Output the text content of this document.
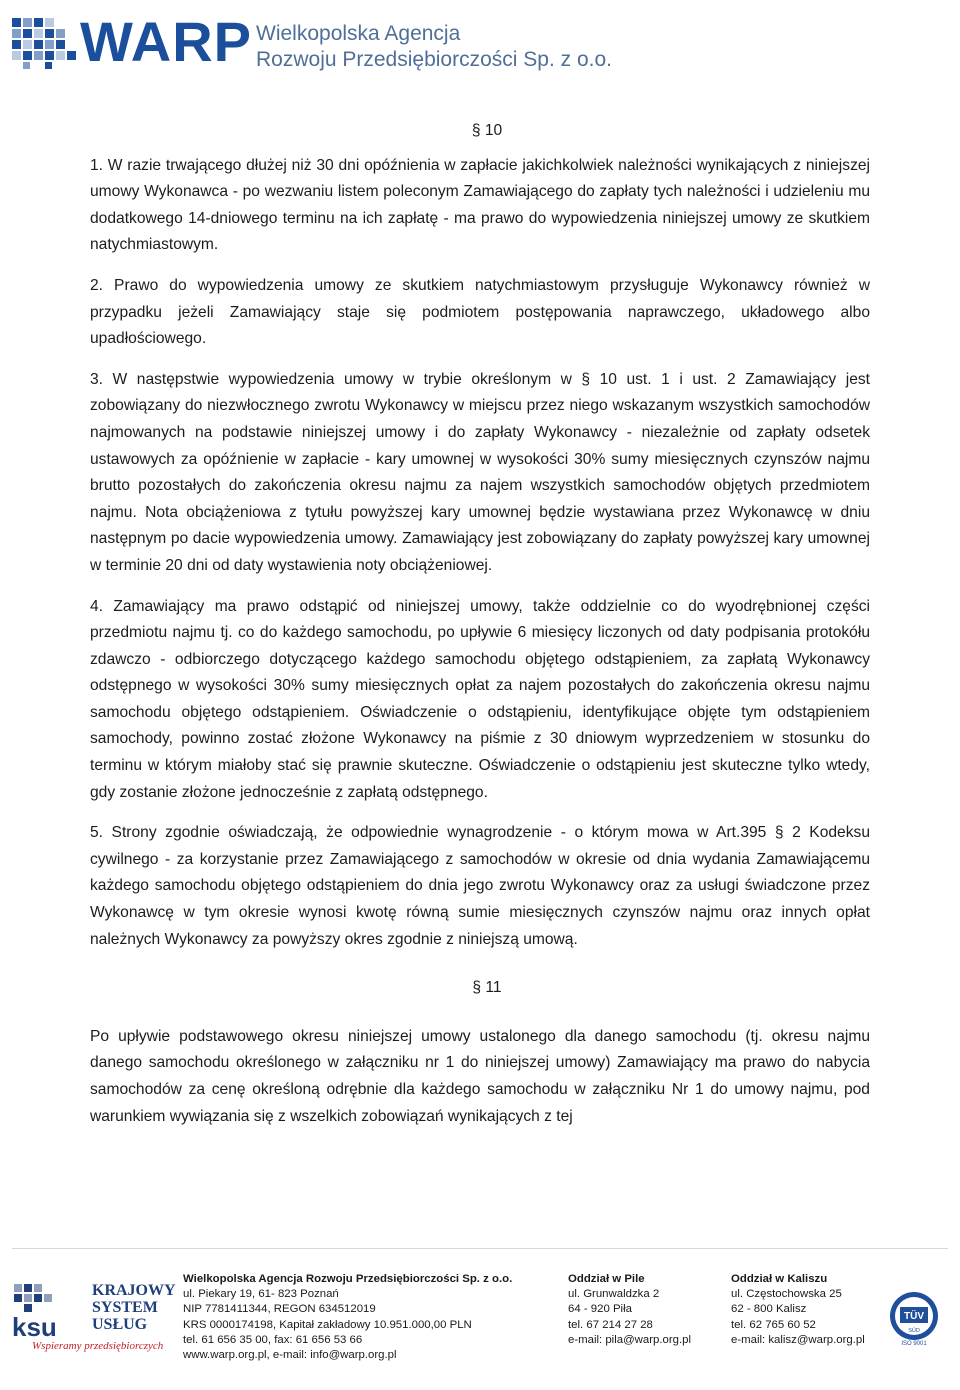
WARP Wielkopolska Agencja
Rozwoju Przedsiębiorczości Sp. z o.o.

§ 10

1. W razie trwającego dłużej niż 30 dni opóźnienia w zapłacie jakichkolwiek należności wynikających z niniejszej umowy Wykonawca - po wezwaniu listem poleconym Zamawiającego do zapłaty tych należności i udzieleniu mu dodatkowego 14-dniowego terminu na ich zapłatę - ma prawo do wypowiedzenia niniejszej umowy ze skutkiem natychmiastowym.

2. Prawo do wypowiedzenia umowy ze skutkiem natychmiastowym przysługuje Wykonawcy również w przypadku jeżeli Zamawiający staje się podmiotem postępowania naprawczego, układowego albo upadłościowego.

3. W następstwie wypowiedzenia umowy w trybie określonym w § 10 ust. 1 i ust. 2 Zamawiający jest zobowiązany do niezwłocznego zwrotu Wykonawcy w miejscu przez niego wskazanym wszystkich samochodów najmowanych na podstawie niniejszej umowy i do zapłaty Wykonawcy - niezależnie od zapłaty odsetek ustawowych za opóźnienie w zapłacie - kary umownej w wysokości 30% sumy miesięcznych czynszów najmu brutto pozostałych do zakończenia okresu najmu za najem wszystkich samochodów objętych przedmiotem najmu. Nota obciążeniowa z tytułu powyższej kary umownej będzie wystawiana przez Wykonawcę w dniu następnym po dacie wypowiedzenia umowy. Zamawiający jest zobowiązany do zapłaty powyższej kary umownej w terminie 20 dni od daty wystawienia noty obciążeniowej.

4. Zamawiający ma prawo odstąpić od niniejszej umowy, także oddzielnie co do wyodrębnionej części przedmiotu najmu tj. co do każdego samochodu, po upływie 6 miesięcy liczonych od daty podpisania protokółu zdawczo - odbiorczego dotyczącego każdego samochodu objętego odstąpieniem, za zapłatą Wykonawcy odstępnego w wysokości 30% sumy miesięcznych opłat za najem pozostałych do zakończenia okresu najmu samochodu objętego odstąpieniem. Oświadczenie o odstąpieniu, identyfikujące objęte tym odstąpieniem samochody, powinno zostać złożone Wykonawcy na piśmie z 30 dniowym wyprzedzeniem w stosunku do terminu w którym miałoby stać się prawnie skuteczne. Oświadczenie o odstąpieniu jest skuteczne tylko wtedy, gdy zostanie złożone jednocześnie z zapłatą odstępnego.

5. Strony zgodnie oświadczają, że odpowiednie wynagrodzenie - o którym mowa w Art.395 § 2 Kodeksu cywilnego - za korzystanie przez Zamawiającego z samochodów w okresie od dnia wydania Zamawiającemu każdego samochodu objętego odstąpieniem do dnia jego zwrotu Wykonawcy oraz za usługi świadczone przez Wykonawcę w tym okresie wynosi kwotę równą sumie miesięcznych czynszów najmu oraz innych opłat należnych Wykonawcy za powyższy okres zgodnie z niniejszą umową.

§ 11

Po upływie podstawowego okresu niniejszej umowy ustalonego dla danego samochodu (tj. okresu najmu danego samochodu określonego w załączniku nr 1 do niniejszej umowy) Zamawiający ma prawo do nabycia samochodów za cenę określoną odrębnie dla każdego samochodu w załączniku Nr 1 do umowy najmu, pod warunkiem wywiązania się z wszelkich zobowiązań wynikających z tej

ksu
KRAJOWY
SYSTEM
USŁUG
Wspieramy przedsiębiorczych
Wielkopolska Agencja Rozwoju Przedsiębiorczości Sp. z o.o.
ul. Piekary 19, 61- 823 Poznań
NIP 7781411344, REGON 634512019
KRS 0000174198, Kapitał zakładowy 10.951.000,00 PLN
tel. 61 656 35 00, fax: 61 656 53 66
www.warp.org.pl, e-mail: info@warp.org.pl
Oddział w Pile
ul. Grunwaldzka 2
64 - 920 Piła
tel. 67 214 27 28
e-mail: pila@warp.org.pl
Oddział w Kaliszu
ul. Częstochowska 25
62 - 800 Kalisz
tel. 62 765 60 52
e-mail: kalisz@warp.org.pl
TÜV
SÜD
ISO 9001
